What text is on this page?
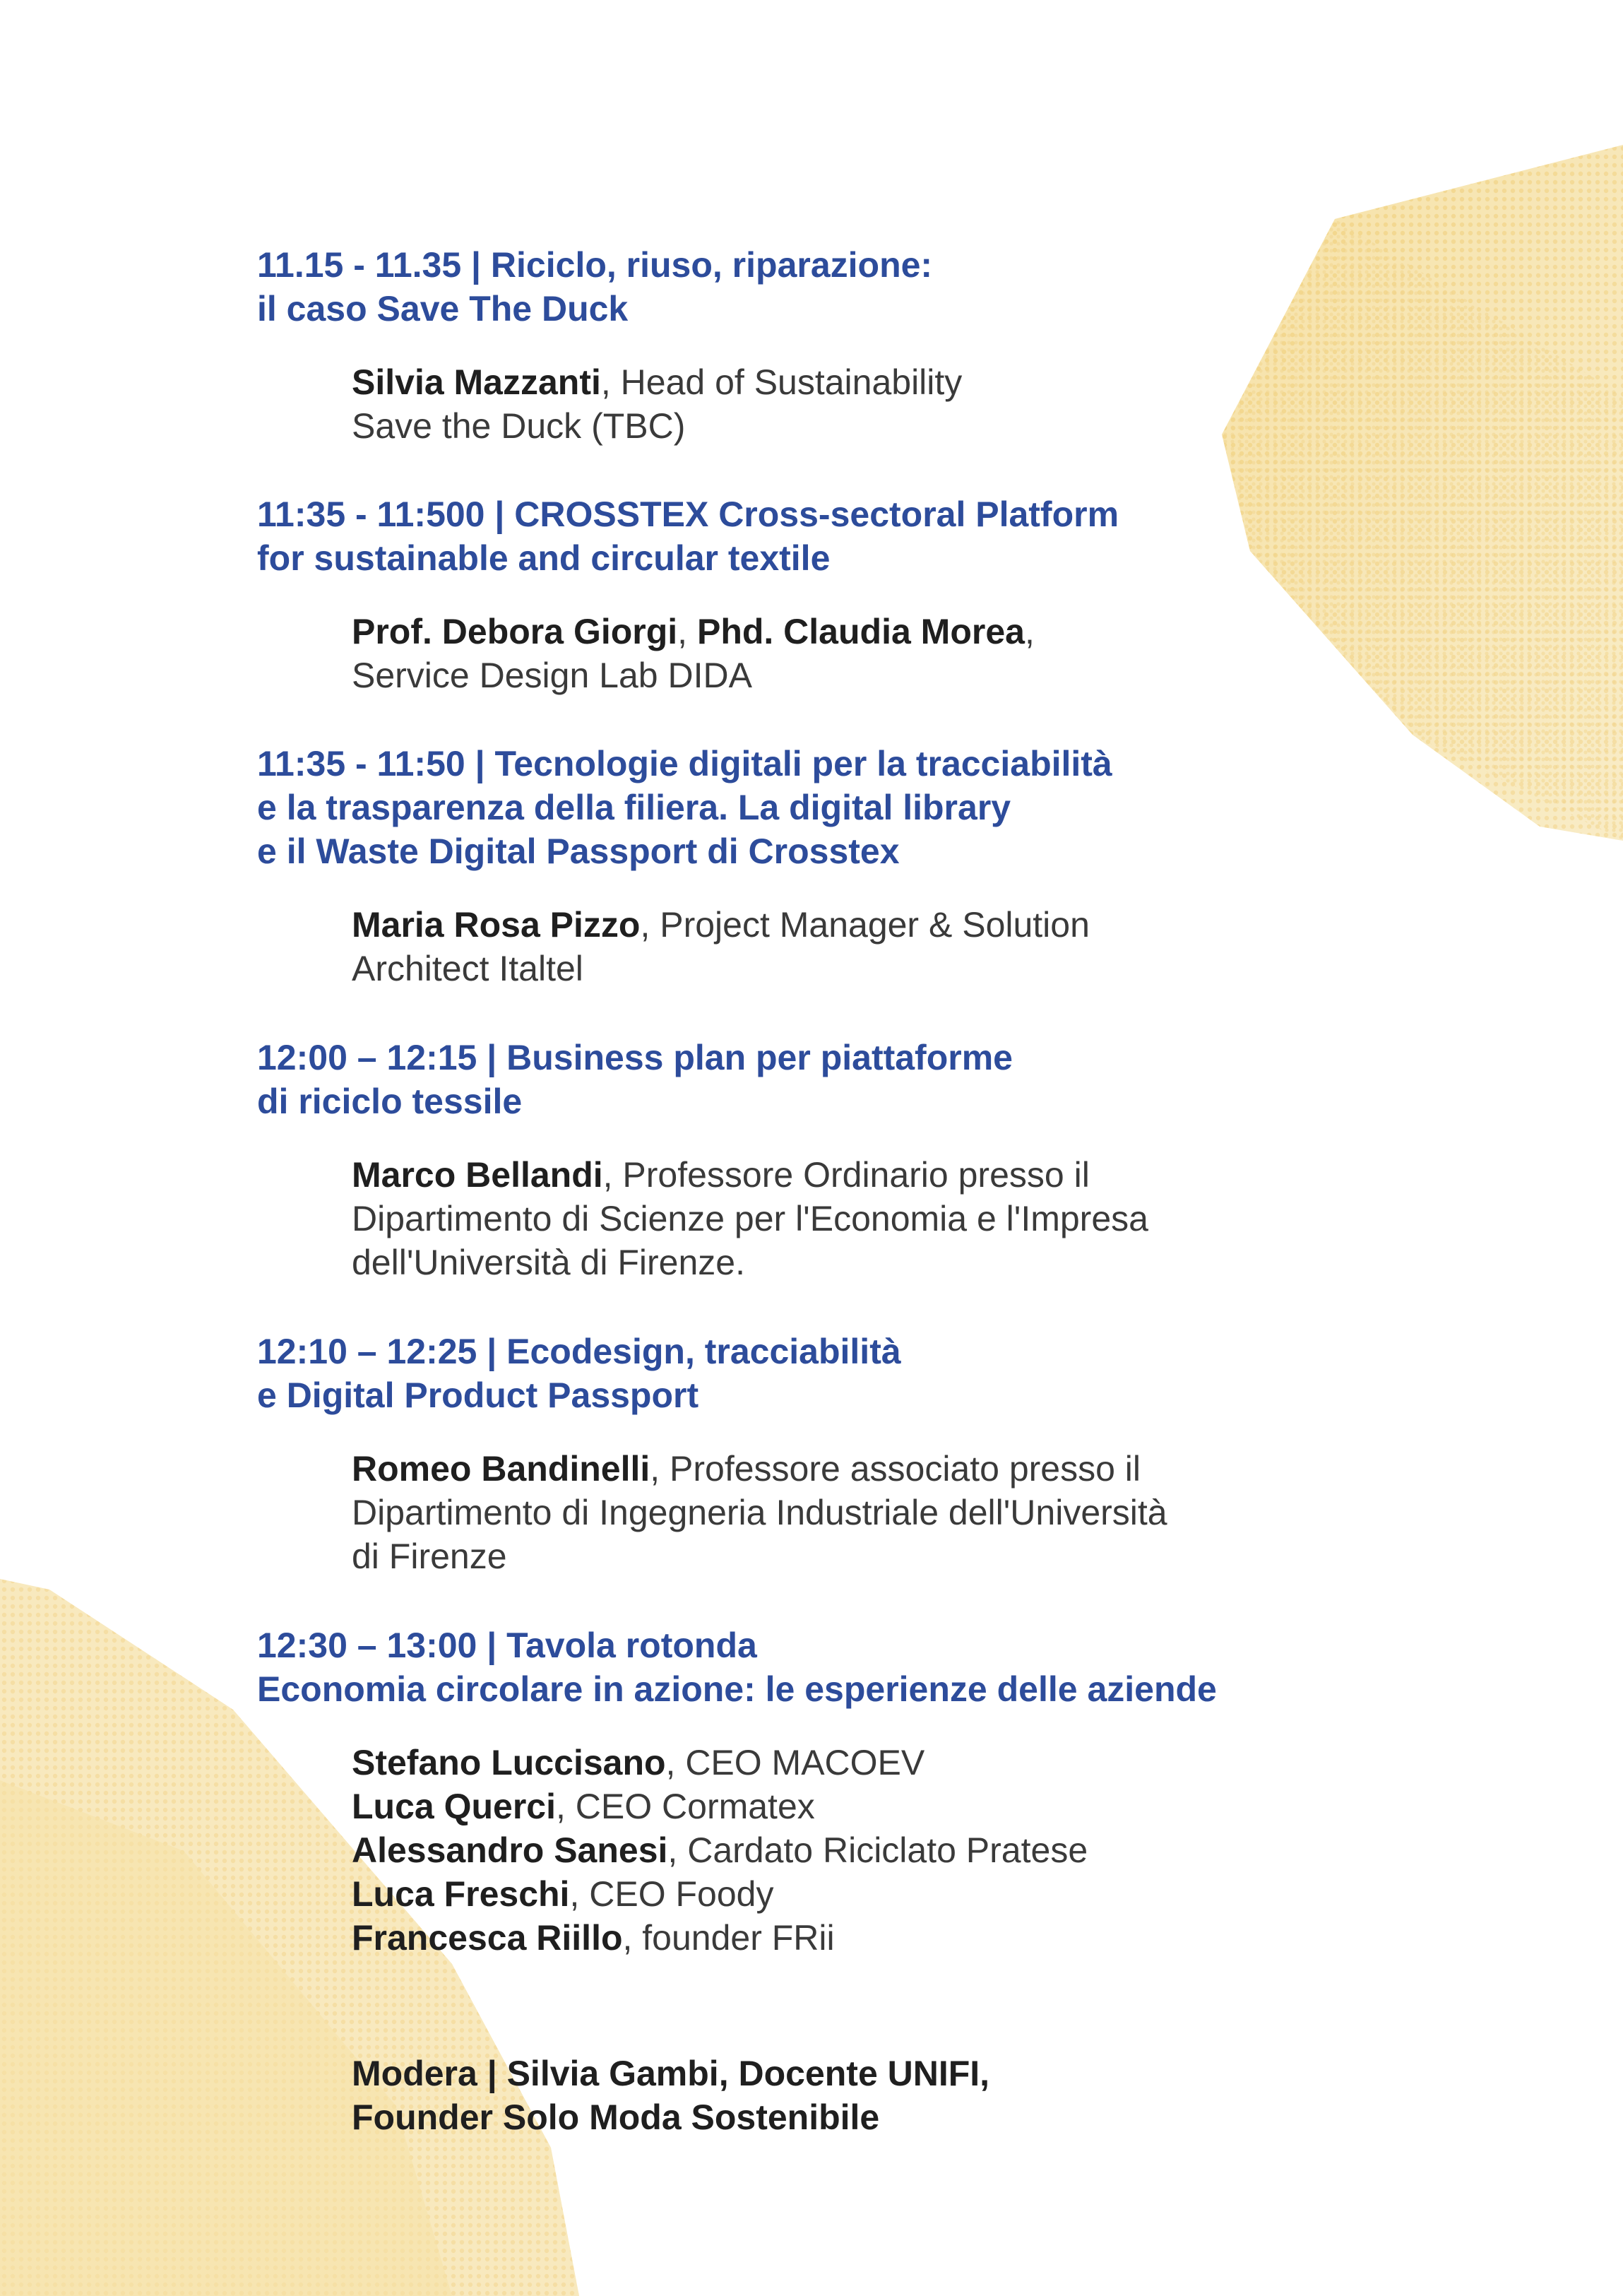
11.15 - 11.35 | Riciclo, riuso, riparazione:
il caso Save The Duck
Silvia Mazzanti, Head of Sustainability
Save the Duck (TBC)
11:35 - 11:500 | CROSSTEX Cross-sectoral Platform
for sustainable and circular textile
Prof. Debora Giorgi, Phd. Claudia Morea,
Service Design Lab DIDA
11:35 - 11:50 | Tecnologie digitali per la tracciabilità
e la trasparenza della filiera. La digital library
e il Waste Digital Passport di Crosstex
Maria Rosa Pizzo, Project Manager & Solution
Architect Italtel
12:00 – 12:15 | Business plan per piattaforme
di riciclo tessile
Marco Bellandi, Professore Ordinario presso il
Dipartimento di Scienze per l'Economia e l'Impresa
dell'Università di Firenze.
12:10 – 12:25 | Ecodesign, tracciabilità
e Digital Product Passport
Romeo Bandinelli, Professore associato presso il
Dipartimento di Ingegneria Industriale dell'Università
di Firenze
12:30 – 13:00 | Tavola rotonda
Economia circolare in azione: le esperienze delle aziende
Stefano Luccisano, CEO MACOEV
Luca Querci, CEO Cormatex
Alessandro Sanesi, Cardato Riciclato Pratese
Luca Freschi, CEO Foody
Francesca Riillo, founder FRii
Modera | Silvia Gambi, Docente UNIFI,
Founder Solo Moda Sostenibile
